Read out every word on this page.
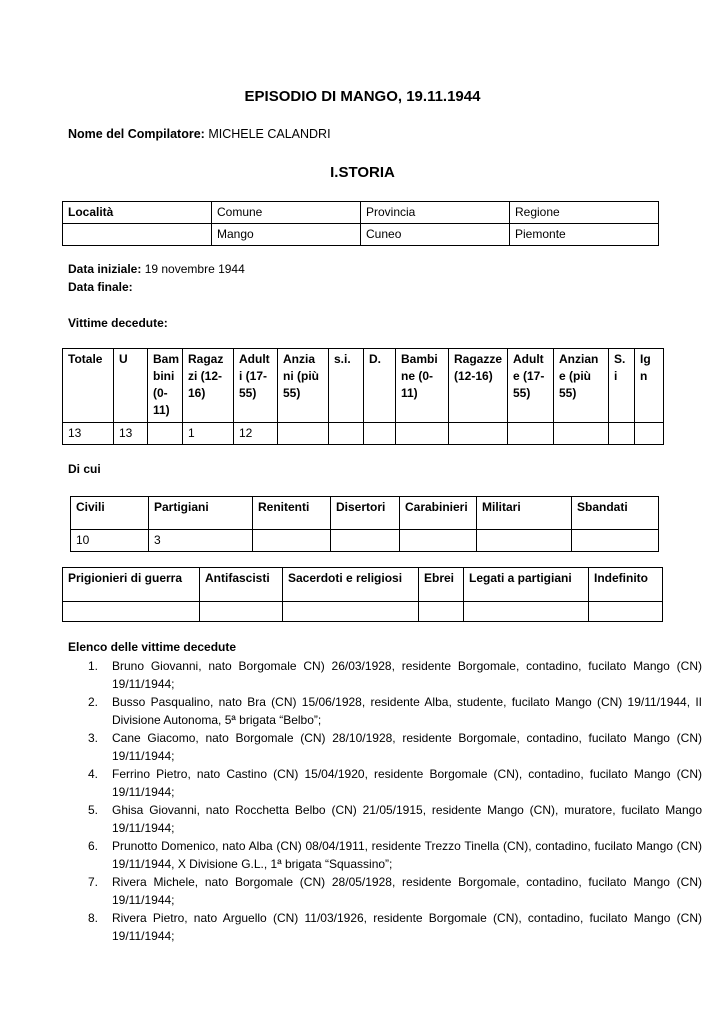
EPISODIO DI MANGO, 19.11.1944
Nome del Compilatore: MICHELE CALANDRI
I.STORIA
Località	Comune	Provincia	Regione
	Mango	Cuneo	Piemonte
Data iniziale: 19 novembre 1944
Data finale:
Vittime decedute:
Totale	U	Bam bini (0-11)	Ragaz zi (12-16)	Adult i (17-55)	Anzia ni (più 55)	s.i.	D.	Bambi ne (0-11)	Ragazze (12-16)	Adult e (17-55)	Anzian e (più 55)	S. i	Ig n
13	13		1	12									
Di cui
Civili	Partigiani	Renitenti	Disertori	Carabinieri	Militari	Sbandati
10	3					
Prigionieri di guerra	Antifascisti	Sacerdoti e religiosi	Ebrei	Legati a partigiani	Indefinito

Elenco delle vittime decedute
1. Bruno Giovanni, nato Borgomale CN) 26/03/1928, residente Borgomale, contadino, fucilato Mango (CN) 19/11/1944;
2. Busso Pasqualino, nato Bra (CN) 15/06/1928, residente Alba, studente, fucilato Mango (CN) 19/11/1944, II Divisione Autonoma, 5ª brigata “Belbo”;
3. Cane Giacomo, nato Borgomale (CN) 28/10/1928, residente Borgomale, contadino, fucilato Mango (CN) 19/11/1944;
4. Ferrino Pietro, nato Castino (CN) 15/04/1920, residente Borgomale (CN), contadino, fucilato Mango (CN) 19/11/1944;
5. Ghisa Giovanni, nato Rocchetta Belbo (CN) 21/05/1915, residente Mango (CN), muratore, fucilato Mango 19/11/1944;
6. Prunotto Domenico, nato Alba (CN) 08/04/1911, residente Trezzo Tinella (CN), contadino, fucilato Mango (CN) 19/11/1944, X Divisione G.L., 1ª brigata “Squassino”;
7. Rivera Michele, nato Borgomale (CN) 28/05/1928, residente Borgomale, contadino, fucilato Mango (CN) 19/11/1944;
8. Rivera Pietro, nato Arguello (CN) 11/03/1926, residente Borgomale (CN), contadino, fucilato Mango (CN) 19/11/1944;
